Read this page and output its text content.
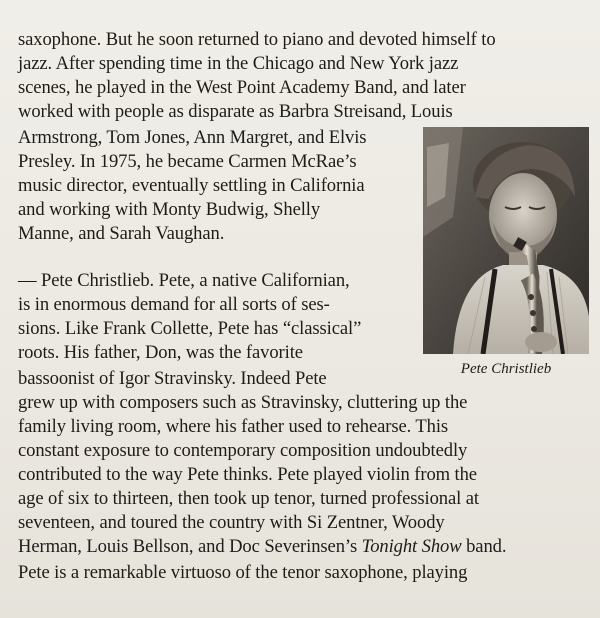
saxophone. But he soon returned to piano and devoted himself to
jazz. After spending time in the Chicago and New York jazz
scenes, he played in the West Point Academy Band, and later
worked with people as disparate as Barbra Streisand, Louis
Armstrong, Tom Jones, Ann Margret, and Elvis
Presley. In 1975, he became Carmen McRae’s
music director, eventually settling in California
and working with Monty Budwig, Shelly
Manne, and Sarah Vaughan.
— Pete Christlieb. Pete, a native Californian,
is in enormous demand for all sorts of ses-
sions. Like Frank Collette, Pete has “classical”
roots. His father, Don, was the favorite
bassoonist of Igor Stravinsky. Indeed Pete
grew up with composers such as Stravinsky, cluttering up the
family living room, where his father used to rehearse. This
constant exposure to contemporary composition undoubtedly
contributed to the way Pete thinks. Pete played violin from the
age of six to thirteen, then took up tenor, turned professional at
seventeen, and toured the country with Si Zentner, Woody
Herman, Louis Bellson, and Doc Severinsen’s Tonight Show band.
Pete is a remarkable virtuoso of the tenor saxophone, playing
Pete Christlieb
